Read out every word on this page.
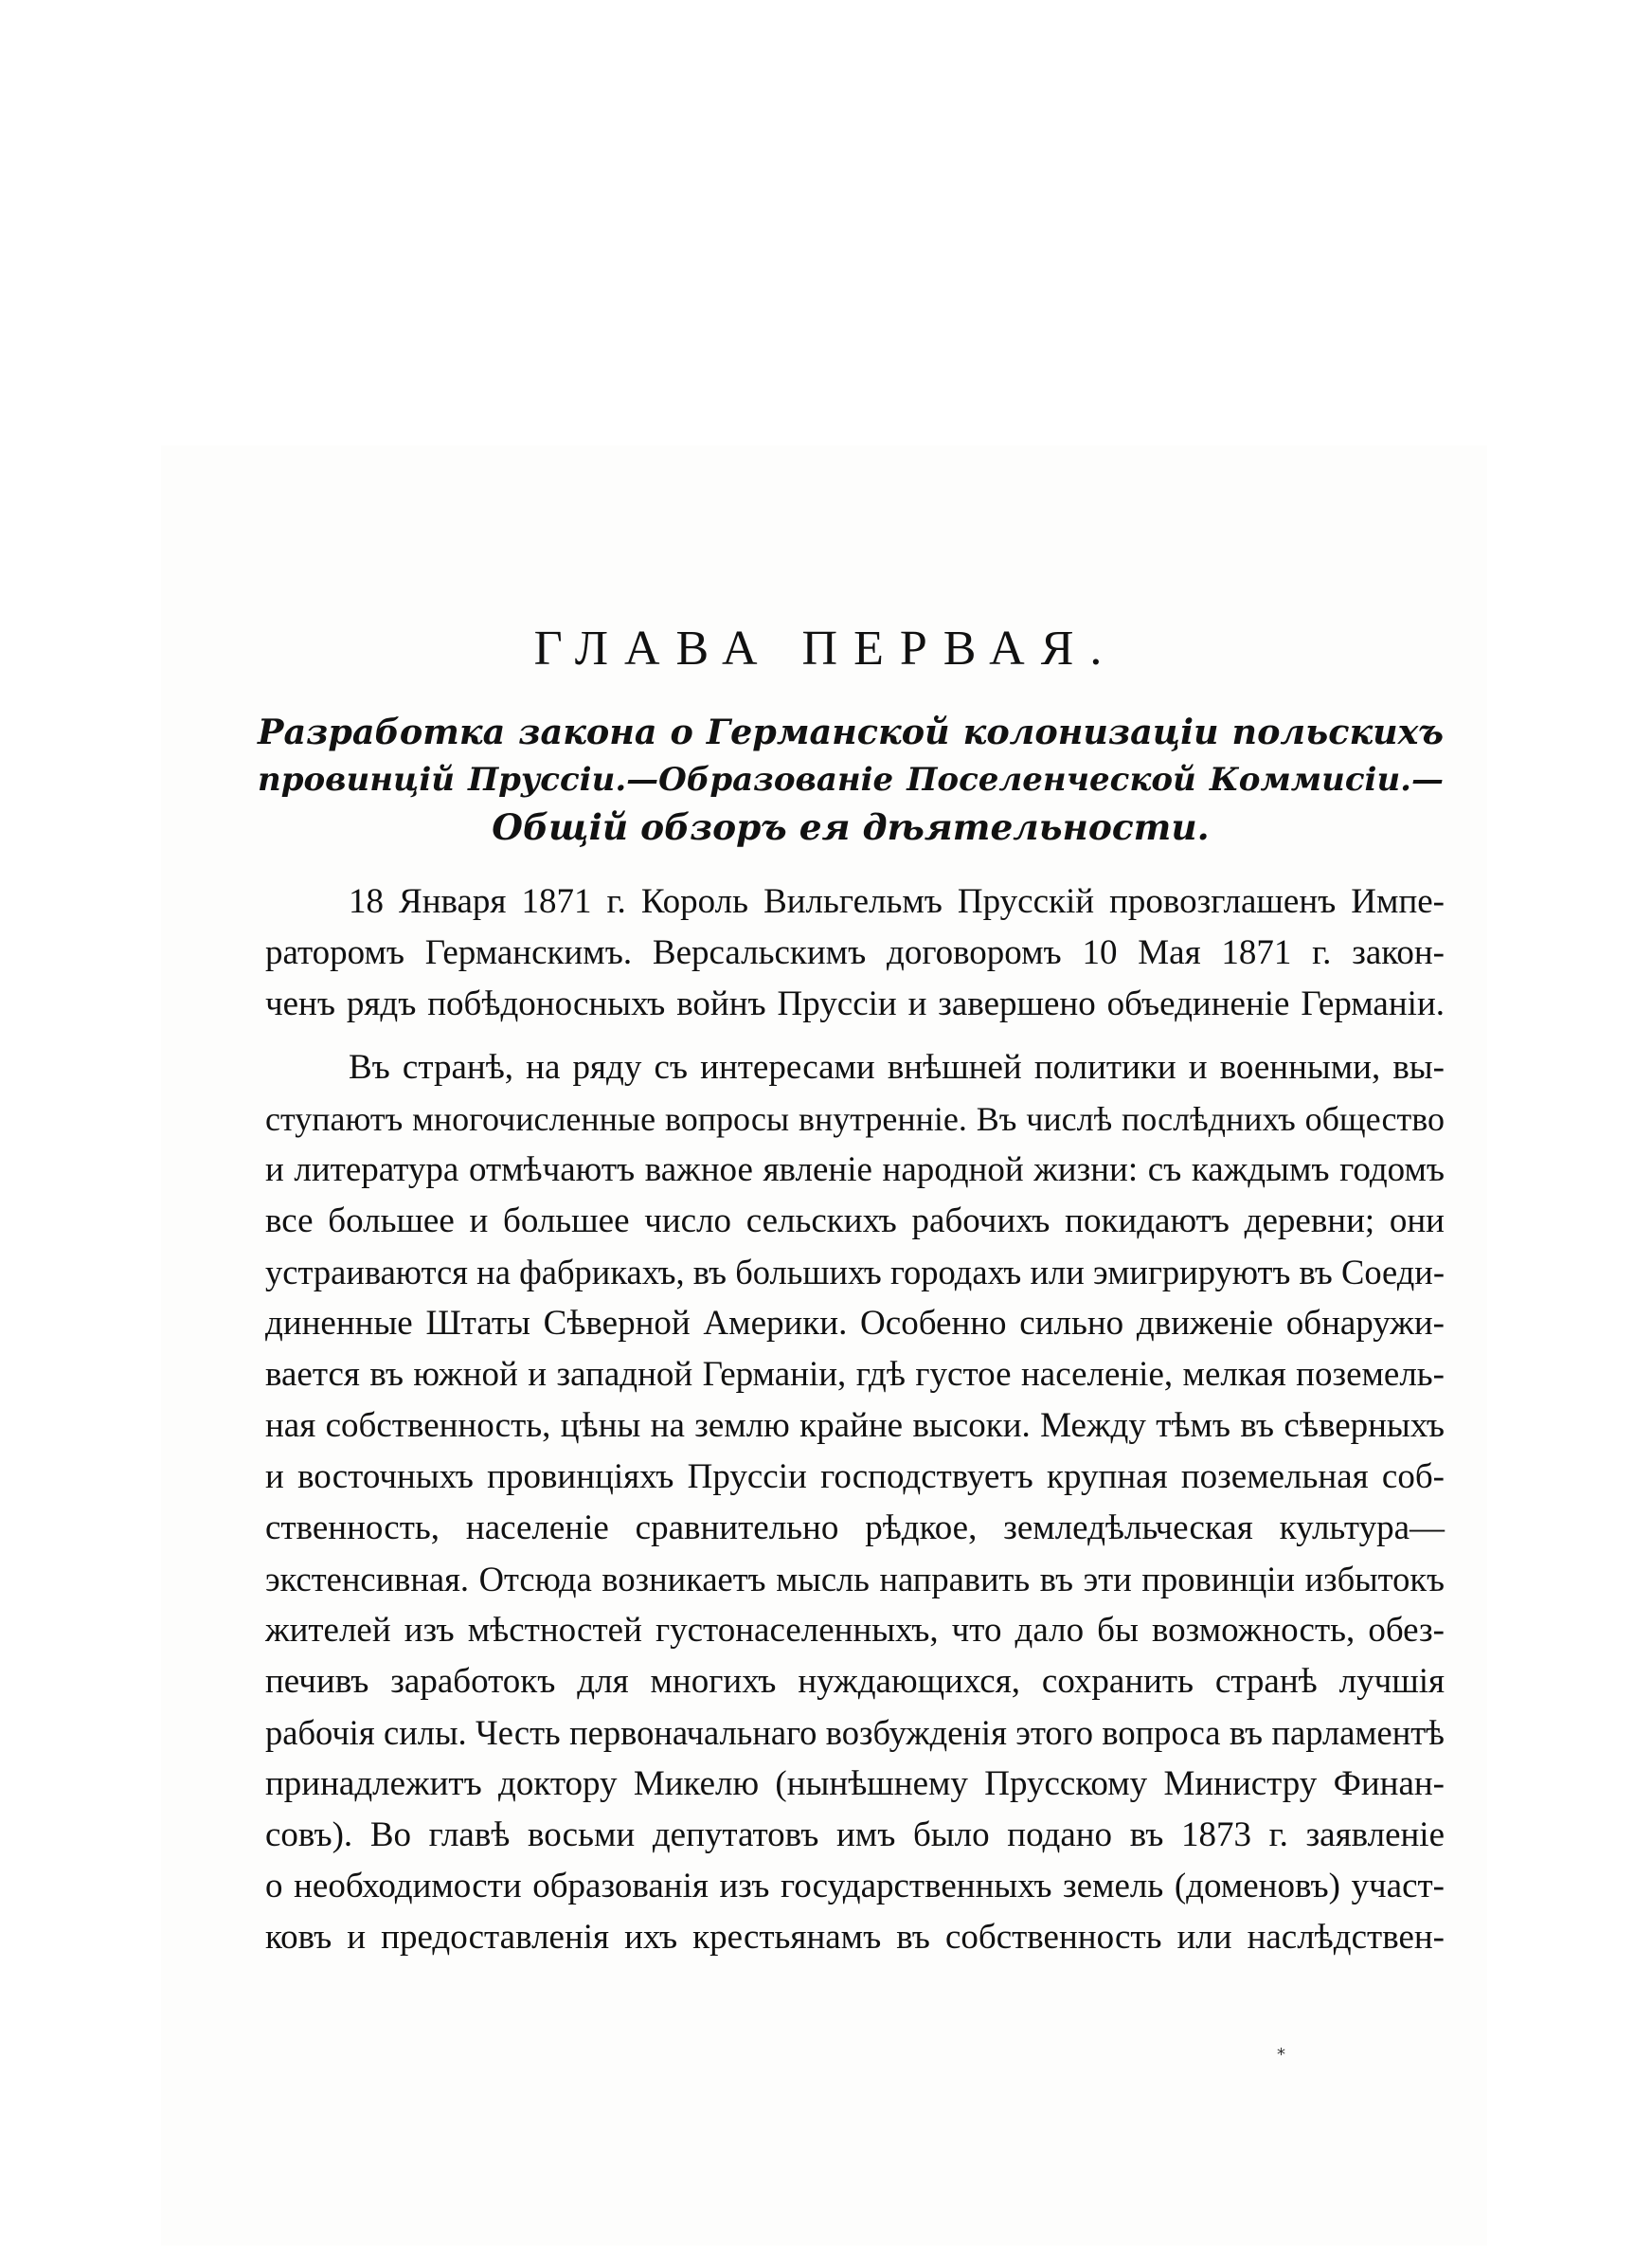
ГЛАВА ПЕРВАЯ.
Разработка закона о Германской колонизаціи польскихъ
провинцій Пруссіи.—Образованіе Поселенческой Коммисіи.—
Общій обзоръ ея дѣятельности.
18 Января 1871 г. Король Вильгельмъ Прусскій провозглашенъ Импе-
раторомъ Германскимъ. Версальскимъ договоромъ 10 Мая 1871 г. закон-
ченъ рядъ побѣдоносныхъ войнъ Пруссіи и завершено объединеніе Германіи.
Въ странѣ, на ряду съ интересами внѣшней политики и военными, вы-
ступаютъ многочисленные вопросы внутренніе. Въ числѣ послѣднихъ общество
и литература отмѣчаютъ важное явленіе народной жизни: съ каждымъ годомъ
все большее и большее число сельскихъ рабочихъ покидаютъ деревни; они
устраиваются на фабрикахъ, въ большихъ городахъ или эмигрируютъ въ Соеди-
диненные Штаты Сѣверной Америки. Особенно сильно движеніе обнаружи-
вается въ южной и западной Германіи, гдѣ густое населеніе, мелкая поземель-
ная собственность, цѣны на землю крайне высоки. Между тѣмъ въ сѣверныхъ
и восточныхъ провинціяхъ Пруссіи господствуетъ крупная поземельная соб-
ственность, населеніе сравнительно рѣдкое, земледѣльческая культура—
экстенсивная. Отсюда возникаетъ мысль направить въ эти провинціи избытокъ
жителей изъ мѣстностей густонаселенныхъ, что дало бы возможность, обез-
печивъ заработокъ для многихъ нуждающихся, сохранить странѣ лучшія
рабочія силы. Честь первоначальнаго возбужденія этого вопроса въ парламентѣ
принадлежитъ доктору Микелю (нынѣшнему Прусскому Министру Финан-
совъ). Во главѣ восьми депутатовъ имъ было подано въ 1873 г. заявленіе
о необходимости образованія изъ государственныхъ земель (доменовъ) участ-
ковъ и предоставленія ихъ крестьянамъ въ собственность или наслѣдствен-
*
